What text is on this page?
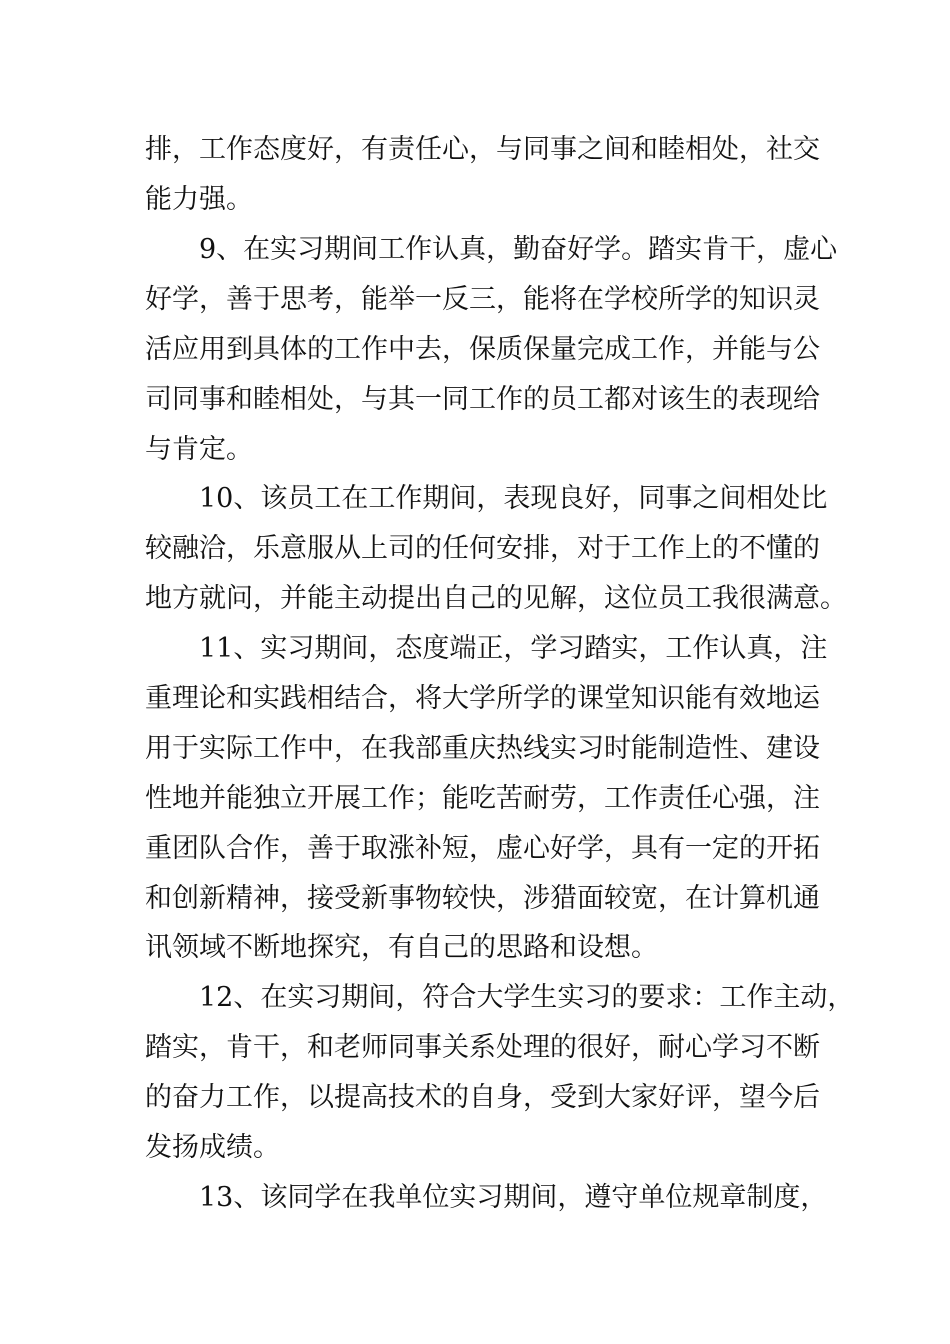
排，工作态度好，有责任心，与同事之间和睦相处，社交
能力强。
9、在实习期间工作认真，勤奋好学。踏实肯干，虚心
好学，善于思考，能举一反三，能将在学校所学的知识灵
活应用到具体的工作中去，保质保量完成工作，并能与公
司同事和睦相处，与其一同工作的员工都对该生的表现给
与肯定。
10、该员工在工作期间，表现良好，同事之间相处比
较融洽，乐意服从上司的任何安排，对于工作上的不懂的
地方就问，并能主动提出自己的见解，这位员工我很满意。
11、实习期间，态度端正，学习踏实，工作认真，注
重理论和实践相结合，将大学所学的课堂知识能有效地运
用于实际工作中，在我部重庆热线实习时能制造性、建设
性地并能独立开展工作；能吃苦耐劳，工作责任心强，注
重团队合作，善于取涨补短，虚心好学，具有一定的开拓
和创新精神，接受新事物较快，涉猎面较宽，在计算机通
讯领域不断地探究，有自己的思路和设想。
12、在实习期间，符合大学生实习的要求：工作主动，
踏实，肯干，和老师同事关系处理的很好，耐心学习不断
的奋力工作，以提高技术的自身，受到大家好评，望今后
发扬成绩。
13、该同学在我单位实习期间，遵守单位规章制度，
